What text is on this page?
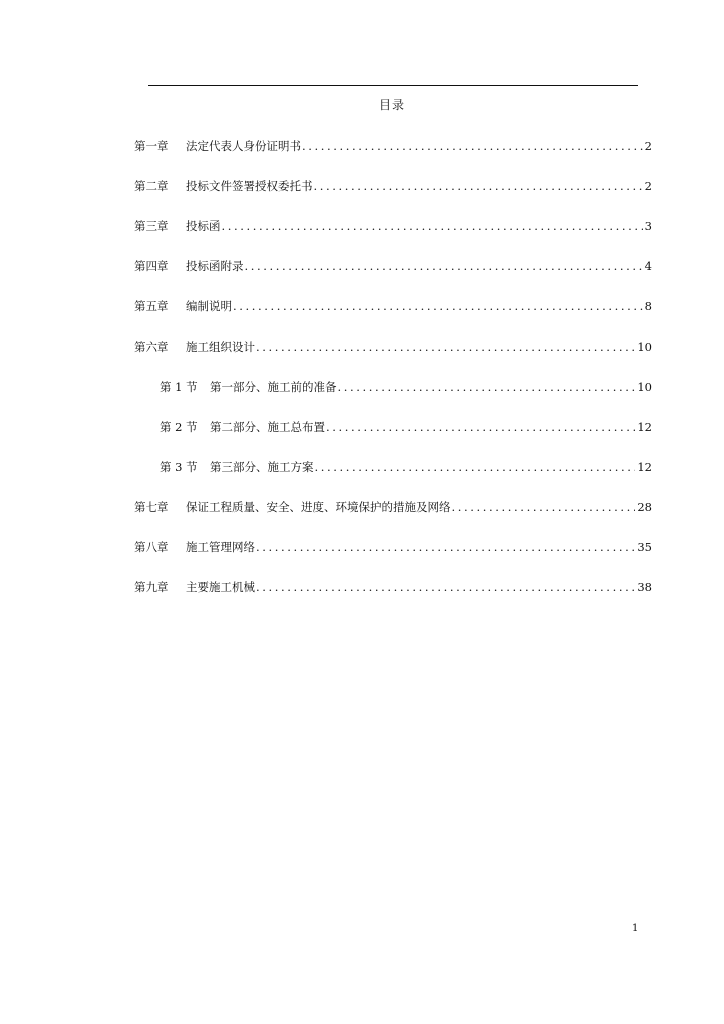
目录
第一章	法定代表人身份证明书 .....	2
第二章	投标文件签署授权委托书 .....	2
第三章	投标函 .....	3
第四章	投标函附录 .....	4
第五章	编制说明 .....	8
第六章	施工组织设计 .....	10
第 1 节	第一部分、施工前的准备 .....	10
第 2 节	第二部分、施工总布置 .....	12
第 3 节	第三部分、施工方案 .....	12
第七章	保证工程质量、安全、进度、环境保护的措施及网络 .....	28
第八章	施工管理网络 .....	35
第九章	主要施工机械 .....	38
1
